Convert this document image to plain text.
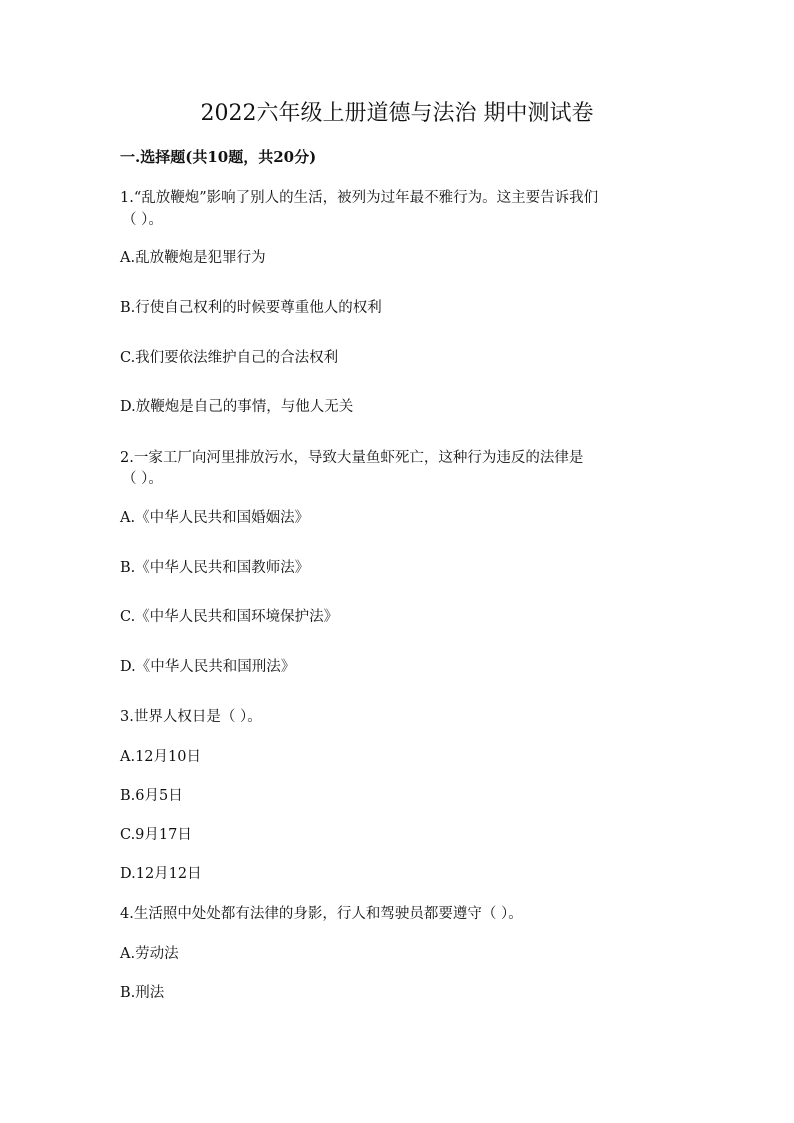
2022六年级上册道德与法治 期中测试卷

一.选择题(共10题，共20分)

1.“乱放鞭炮”影响了别人的生活，被列为过年最不雅行为。这主要告诉我们

（ ）。

A.乱放鞭炮是犯罪行为

B.行使自己权利的时候要尊重他人的权利

C.我们要依法维护自己的合法权利

D.放鞭炮是自己的事情，与他人无关

2.一家工厂向河里排放污水，导致大量鱼虾死亡，这种行为违反的法律是

（ ）。

A.《中华人民共和国婚姻法》

B.《中华人民共和国教师法》

C.《中华人民共和国环境保护法》

D.《中华人民共和国刑法》

3.世界人权日是（ ）。

A.12月10日

B.6月5日

C.9月17日

D.12月12日

4.生活照中处处都有法律的身影，行人和驾驶员都要遵守（ ）。

A.劳动法

B.刑法
